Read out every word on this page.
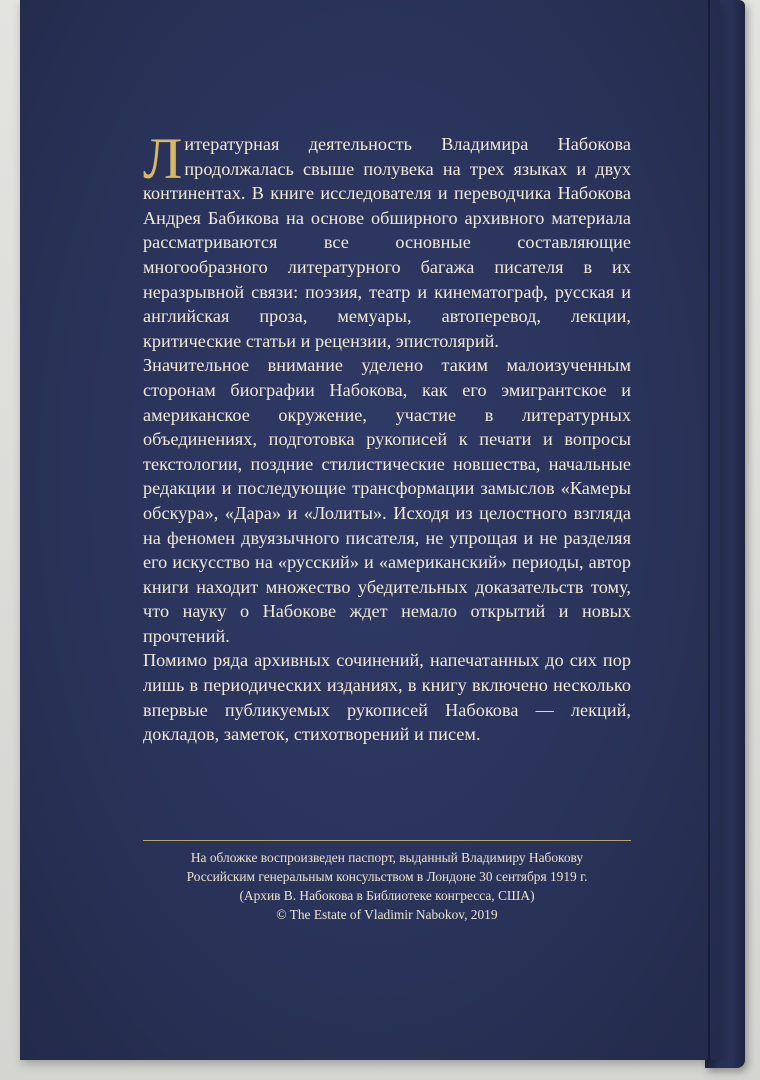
Литературная деятельность Владимира Набокова продолжалась свыше полувека на трех языках и двух континентах. В книге исследователя и переводчика Набокова Андрея Бабикова на основе обширного архивного материала рассматриваются все основные составляющие многообразного литературного багажа писателя в их неразрывной связи: поэзия, театр и кинематограф, русская и английская проза, мемуары, автоперевод, лекции, критические статьи и рецензии, эпистолярий.

Значительное внимание уделено таким малоизученным сторонам биографии Набокова, как его эмигрантское и американское окружение, участие в литературных объединениях, подготовка рукописей к печати и вопросы текстологии, поздние стилистические новшества, начальные редакции и последующие трансформации замыслов «Камеры обскура», «Дара» и «Лолиты». Исходя из целостного взгляда на феномен двуязычного писателя, не упрощая и не разделяя его искусство на «русский» и «американский» периоды, автор книги находит множество убедительных доказательств тому, что науку о Набокове ждет немало открытий и новых прочтений.

Помимо ряда архивных сочинений, напечатанных до сих пор лишь в периодических изданиях, в книгу включено несколько впервые публикуемых рукописей Набокова — лекций, докладов, заметок, стихотворений и писем.

На обложке воспроизведен паспорт, выданный Владимиру Набокову
Российским генеральным консульством в Лондоне 30 сентября 1919 г.
(Архив В. Набокова в Библиотеке конгресса, США)
© The Estate of Vladimir Nabokov, 2019
